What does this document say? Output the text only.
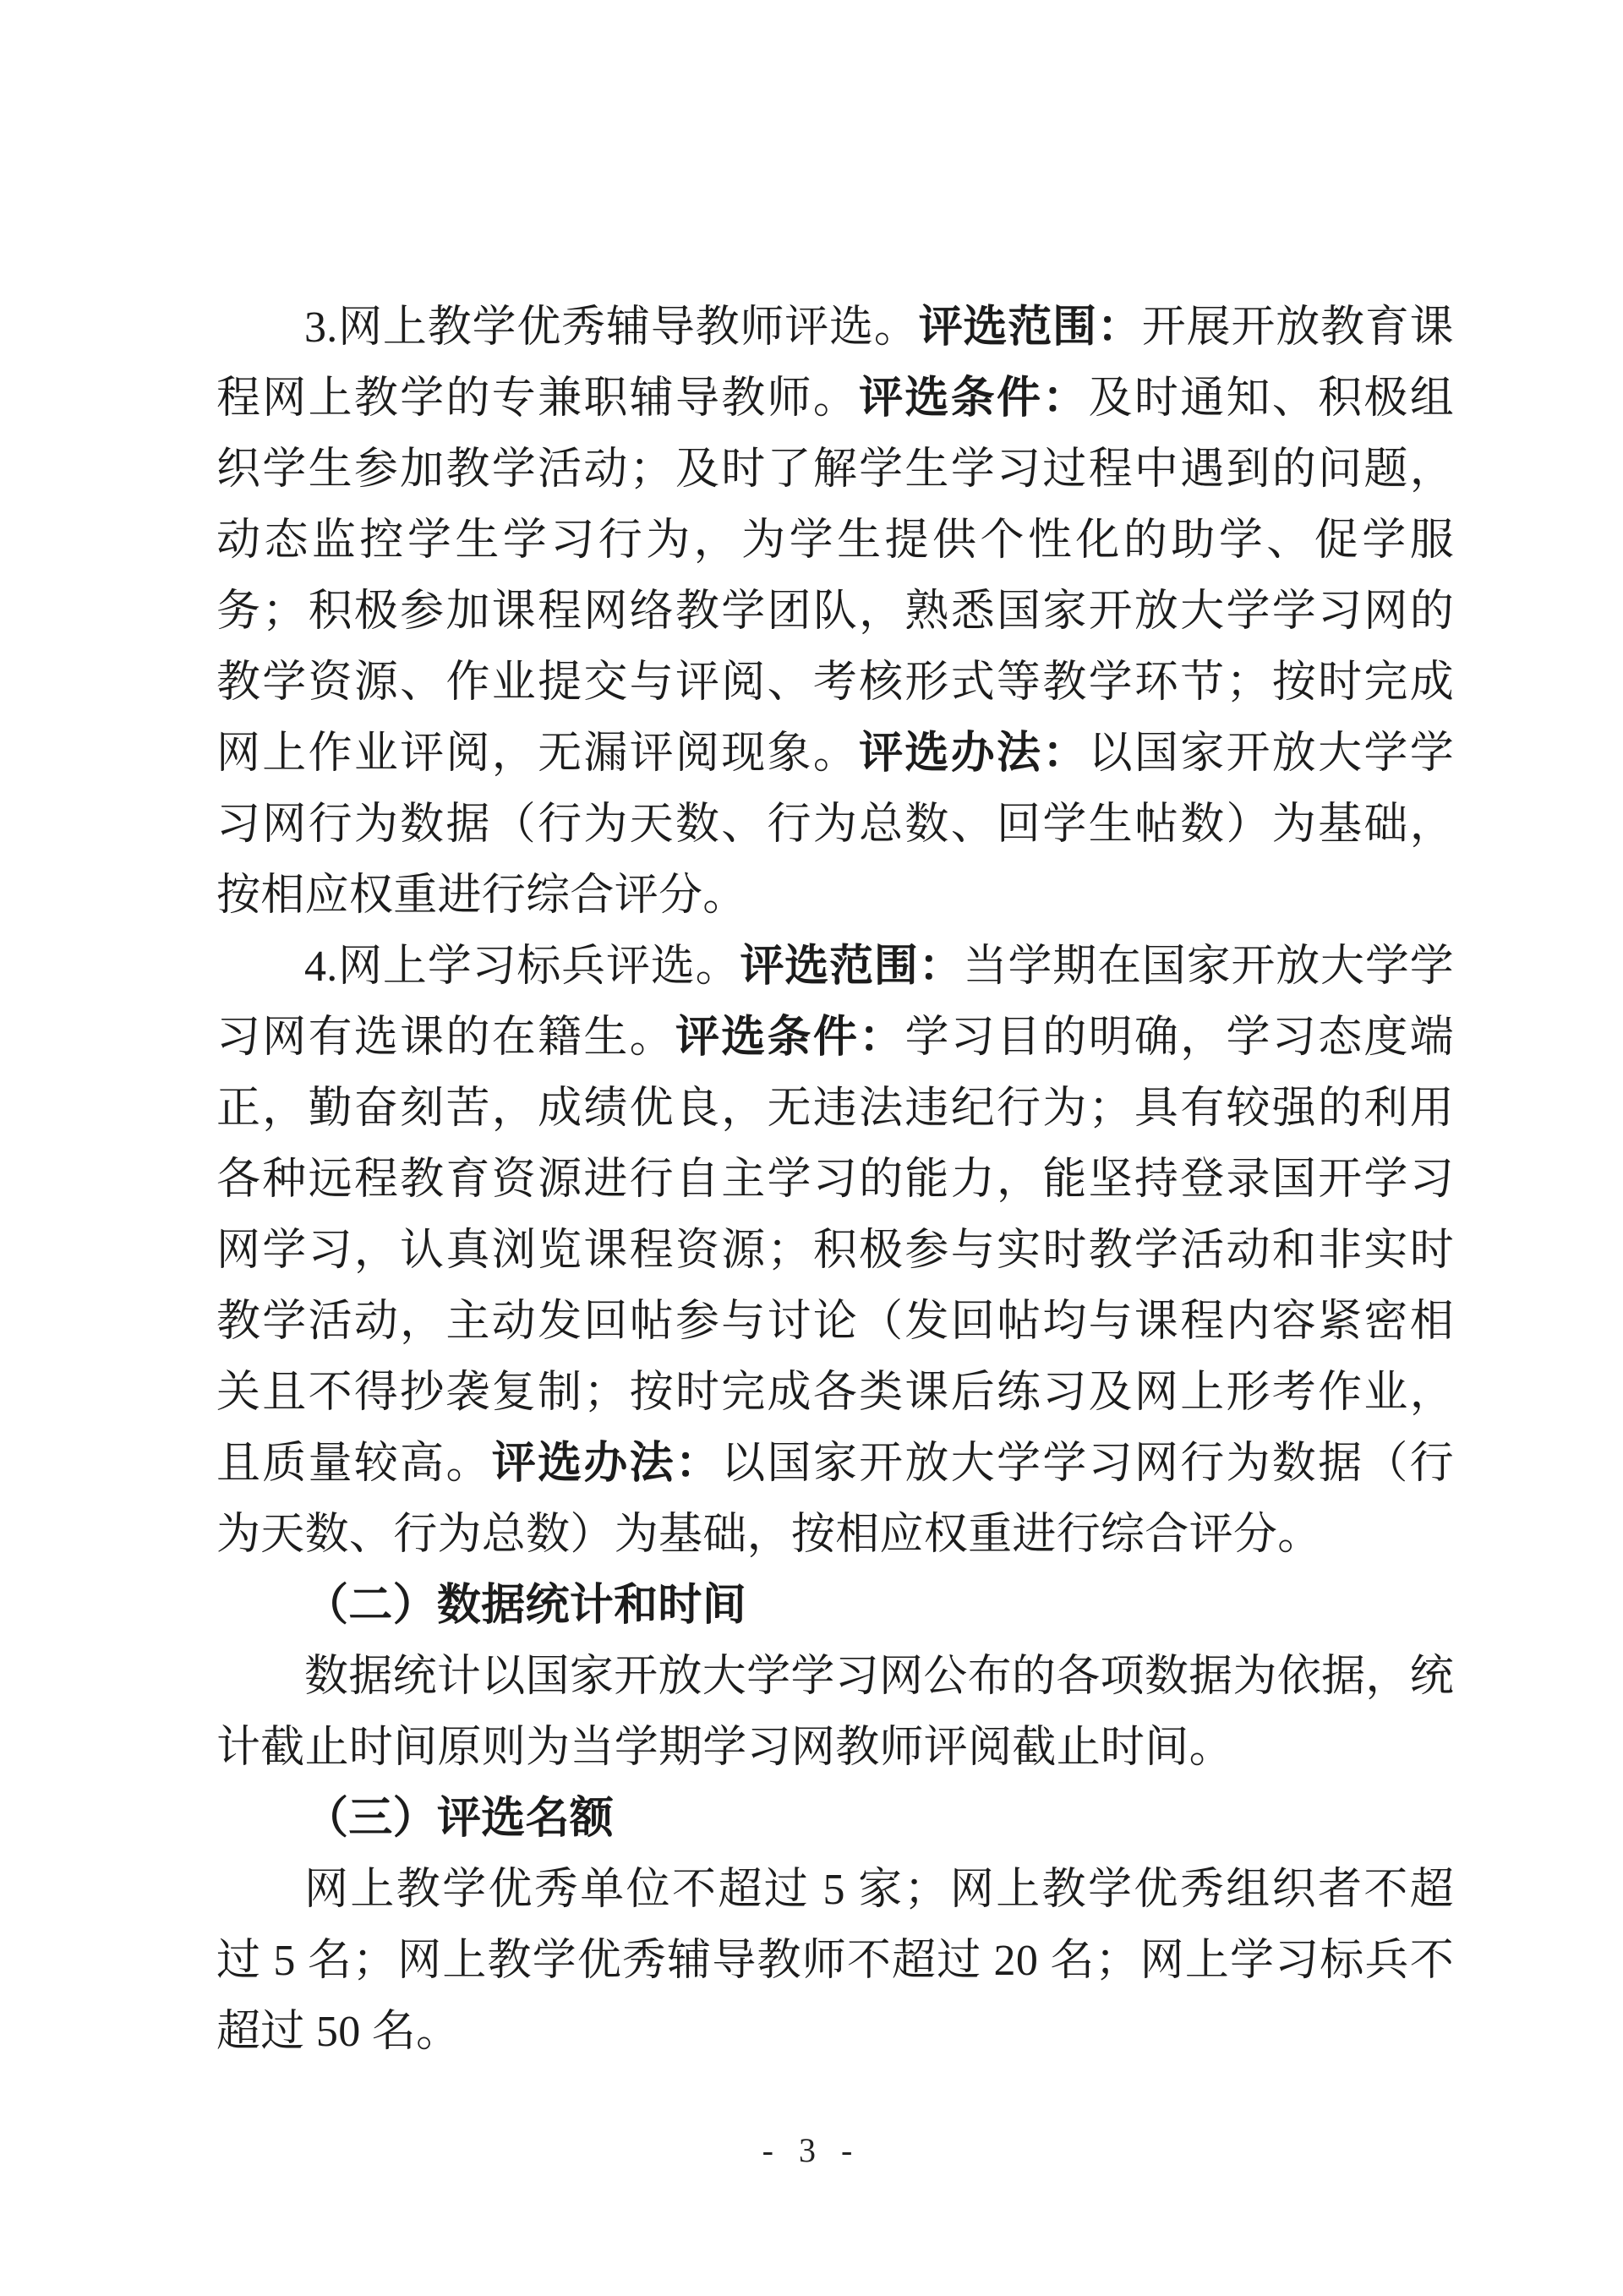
3.网上教学优秀辅导教师评选。评选范围：开展开放教育课程网上教学的专兼职辅导教师。评选条件：及时通知、积极组织学生参加教学活动；及时了解学生学习过程中遇到的问题，动态监控学生学习行为，为学生提供个性化的助学、促学服务；积极参加课程网络教学团队，熟悉国家开放大学学习网的教学资源、作业提交与评阅、考核形式等教学环节；按时完成网上作业评阅，无漏评阅现象。评选办法：以国家开放大学学习网行为数据（行为天数、行为总数、回学生帖数）为基础，按相应权重进行综合评分。

4.网上学习标兵评选。评选范围：当学期在国家开放大学学习网有选课的在籍生。评选条件：学习目的明确，学习态度端正，勤奋刻苦，成绩优良，无违法违纪行为；具有较强的利用各种远程教育资源进行自主学习的能力，能坚持登录国开学习网学习，认真浏览课程资源；积极参与实时教学活动和非实时教学活动，主动发回帖参与讨论（发回帖均与课程内容紧密相关且不得抄袭复制；按时完成各类课后练习及网上形考作业，且质量较高。评选办法：以国家开放大学学习网行为数据（行为天数、行为总数）为基础，按相应权重进行综合评分。

（二）数据统计和时间

数据统计以国家开放大学学习网公布的各项数据为依据，统计截止时间原则为当学期学习网教师评阅截止时间。

（三）评选名额

网上教学优秀单位不超过 5 家；网上教学优秀组织者不超过 5 名；网上教学优秀辅导教师不超过 20 名；网上学习标兵不超过 50 名。

- 3 -
